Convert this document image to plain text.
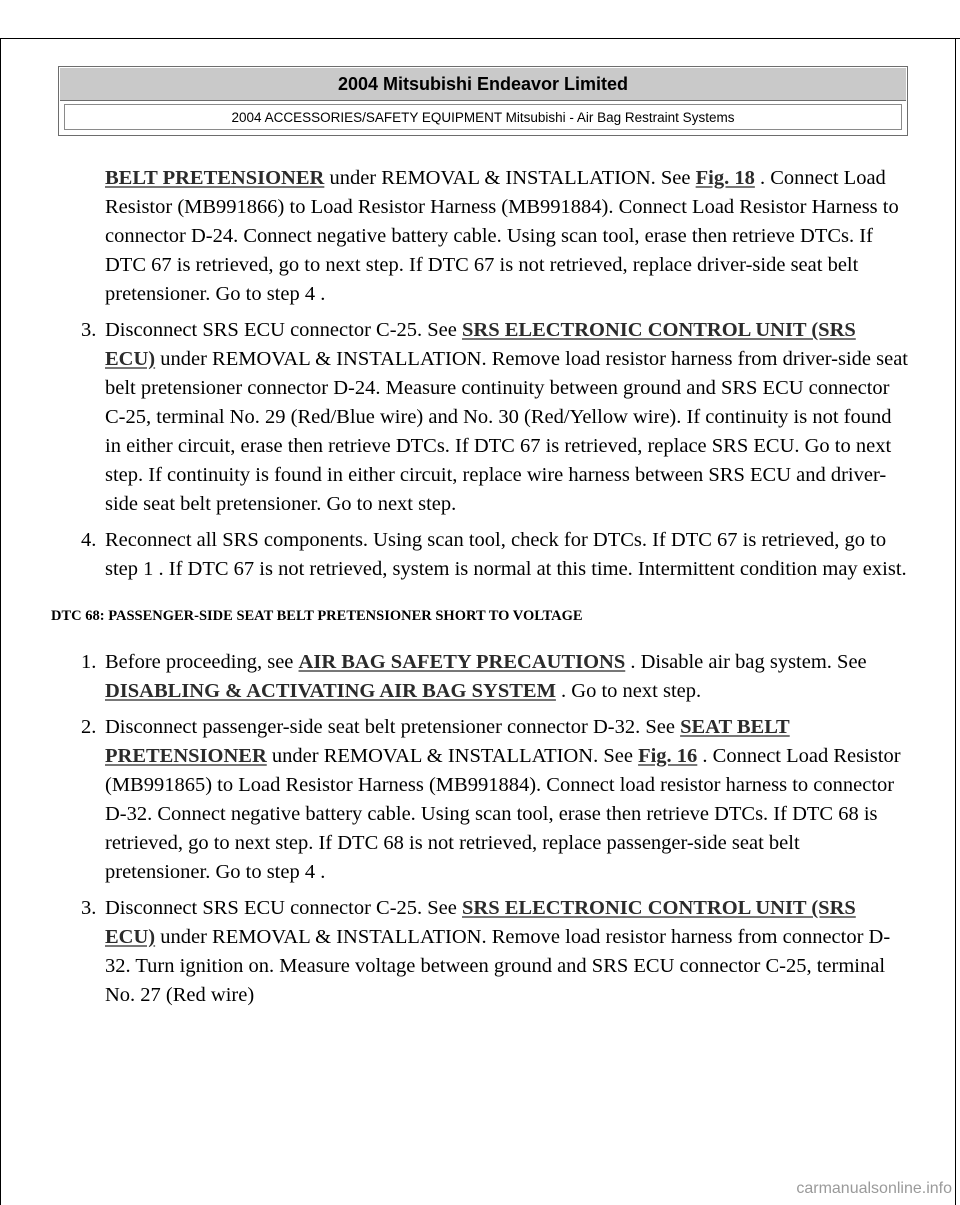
2004 Mitsubishi Endeavor Limited
2004 ACCESSORIES/SAFETY EQUIPMENT Mitsubishi - Air Bag Restraint Systems

BELT PRETENSIONER under REMOVAL & INSTALLATION. See Fig. 18 . Connect Load Resistor (MB991866) to Load Resistor Harness (MB991884). Connect Load Resistor Harness to connector D-24. Connect negative battery cable. Using scan tool, erase then retrieve DTCs. If DTC 67 is retrieved, go to next step. If DTC 67 is not retrieved, replace driver-side seat belt pretensioner. Go to step 4 .

3. Disconnect SRS ECU connector C-25. See SRS ELECTRONIC CONTROL UNIT (SRS ECU) under REMOVAL & INSTALLATION. Remove load resistor harness from driver-side seat belt pretensioner connector D-24. Measure continuity between ground and SRS ECU connector C-25, terminal No. 29 (Red/Blue wire) and No. 30 (Red/Yellow wire). If continuity is not found in either circuit, erase then retrieve DTCs. If DTC 67 is retrieved, replace SRS ECU. Go to next step. If continuity is found in either circuit, replace wire harness between SRS ECU and driver-side seat belt pretensioner. Go to next step.
4. Reconnect all SRS components. Using scan tool, check for DTCs. If DTC 67 is retrieved, go to step 1 . If DTC 67 is not retrieved, system is normal at this time. Intermittent condition may exist.
DTC 68: PASSENGER-SIDE SEAT BELT PRETENSIONER SHORT TO VOLTAGE
1. Before proceeding, see AIR BAG SAFETY PRECAUTIONS . Disable air bag system. See DISABLING & ACTIVATING AIR BAG SYSTEM . Go to next step.
2. Disconnect passenger-side seat belt pretensioner connector D-32. See SEAT BELT PRETENSIONER under REMOVAL & INSTALLATION. See Fig. 16 . Connect Load Resistor (MB991865) to Load Resistor Harness (MB991884). Connect load resistor harness to connector D-32. Connect negative battery cable. Using scan tool, erase then retrieve DTCs. If DTC 68 is retrieved, go to next step. If DTC 68 is not retrieved, replace passenger-side seat belt pretensioner. Go to step 4 .
3. Disconnect SRS ECU connector C-25. See SRS ELECTRONIC CONTROL UNIT (SRS ECU) under REMOVAL & INSTALLATION. Remove load resistor harness from connector D-32. Turn ignition on. Measure voltage between ground and SRS ECU connector C-25, terminal No. 27 (Red wire)
carmanualsonline.info
